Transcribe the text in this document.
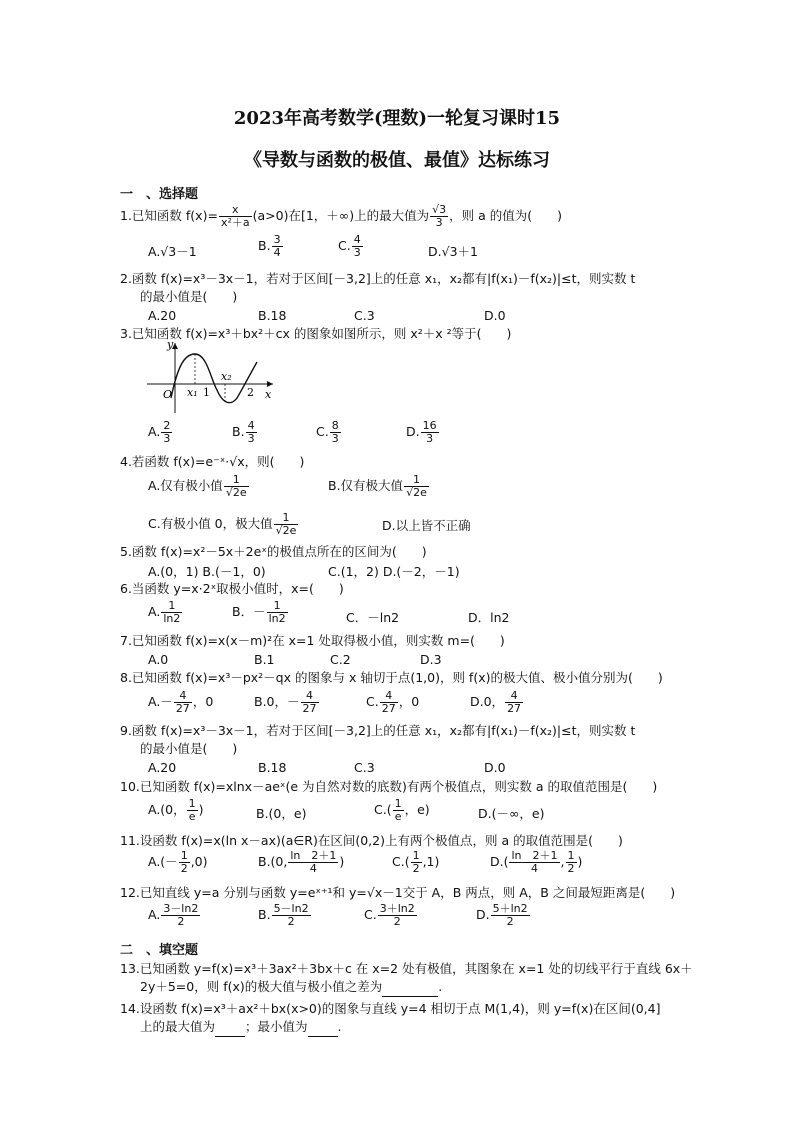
2023年高考数学(理数)一轮复习课时15
《导数与函数的极值、最值》达标练习
一　、选择题
1.已知函数 $f(x)= \frac{x}{\text{x²＋a}} (a>0)$在[1，＋∞)上的最大值为 $\frac{√3}{3}$ ，则 a 的值为(　　)
A.√3－1	B. $\frac{3}{4}$	C. $\frac{4}{3}$	D.√3＋1
2.函数 f(x)=x³－3x－1，若对于区间[－3,2]上的任意 x₁，x₂都有|f(x₁)－f(x₂)|≤t，则实数 t
的最小值是(　　)
A.20	B.18	C.3	D.0
3.已知函数 f(x)=x³＋bx²＋cx 的图象如图所示，则 x²＋x ²等于(　　)
y
x
O x₁
x₂
1	2
A. $\frac{2}{3}$	B. $\frac{4}{3}$	C. $\frac{8}{3}$	D. $\frac{16}{3}$
4.若函数 f(x)=e⁻ˣ·√x，则(　　)
A.仅有极小值 $\frac{1}{√2e}$	B.仅有极大值 $\frac{1}{√2e}$
C.有极小值 0，极大值 $\frac{1}{√2e}$	D.以上皆不正确
5.函数 f(x)=x²－5x＋2eˣ的极值点所在的区间为(　　)
A.(0，1) B.(－1，0)	C.(1，2) D.(－2，－1)
6.当函数 y=x·2ˣ取极小值时，x=(　　)
A. $\frac{1}{\ln 2}$	B．－ $\frac{1}{\ln 2}$	C．－ln2	D．ln2
7.已知函数 f(x)=x(x－m)²在 x=1 处取得极小值，则实数 m=(　　)
A.0	B.1	C.2	D.3
8.已知函数 f(x)=x³－px²－qx 的图象与 x 轴切于点(1,0)，则 f(x)的极大值、极小值分别为(　　)
$A.- \frac{4}{27}$ ，0	B.0，－ $\frac{4}{27}$	C. $\frac{4}{27}$ ，0	D.0， $\frac{4}{27}$
9.函数 f(x)=x³－3x－1，若对于区间[－3,2]上的任意 x₁，x₂都有|f(x₁)－f(x₂)|≤t，则实数 t
的最小值是(　　)
A.20	B.18	C.3	D.0
10.已知函数 f(x)=xlnx－aeˣ(e 为自然对数的底数)有两个极值点，则实数 a 的取值范围是(　　)
A.(0， $\frac{1}{e}$ )	B.(0，e)	$C.( \frac{1}{e}$ ，e)	D.(－∞，e)
11.设函数 f(x)=x(ln x－ax)(a∈R)在区间(0,2)上有两个极值点，则 a 的取值范围是(　　)
$A.(- \frac{1}{2} ,0)$	B.(0, $\frac{\ln 2+1}{4}$ )	$C.( \frac{1}{2} ,1)$	$D.( \frac{\ln 2+1}{4}$ , $\frac{1}{2}$ )
12.已知直线 y=a 分别与函数 y=eˣ⁺¹和 y=√x－1交于 A，B 两点，则 A，B 之间最短距离是(　　)
A. $\frac{3-\ln 2}{2}$	B. $\frac{5-\ln 2}{2}$	C. $\frac{3+\ln 2}{2}$	D. $\frac{5+\ln 2}{2}$
二　、填空题
13.已知函数 y=f(x)=x³＋3ax²＋3bx＋c 在 x=2 处有极值，其图象在 x=1 处的切线平行于直线 6x＋
2y＋5=0，则 f(x)的极大值与极小值之差为	.
14.设函数 f(x)=x³＋ax²＋bx(x>0)的图象与直线 y=4 相切于点 M(1,4)，则 y=f(x)在区间(0,4]
上的最大值为 ；最小值为 .
